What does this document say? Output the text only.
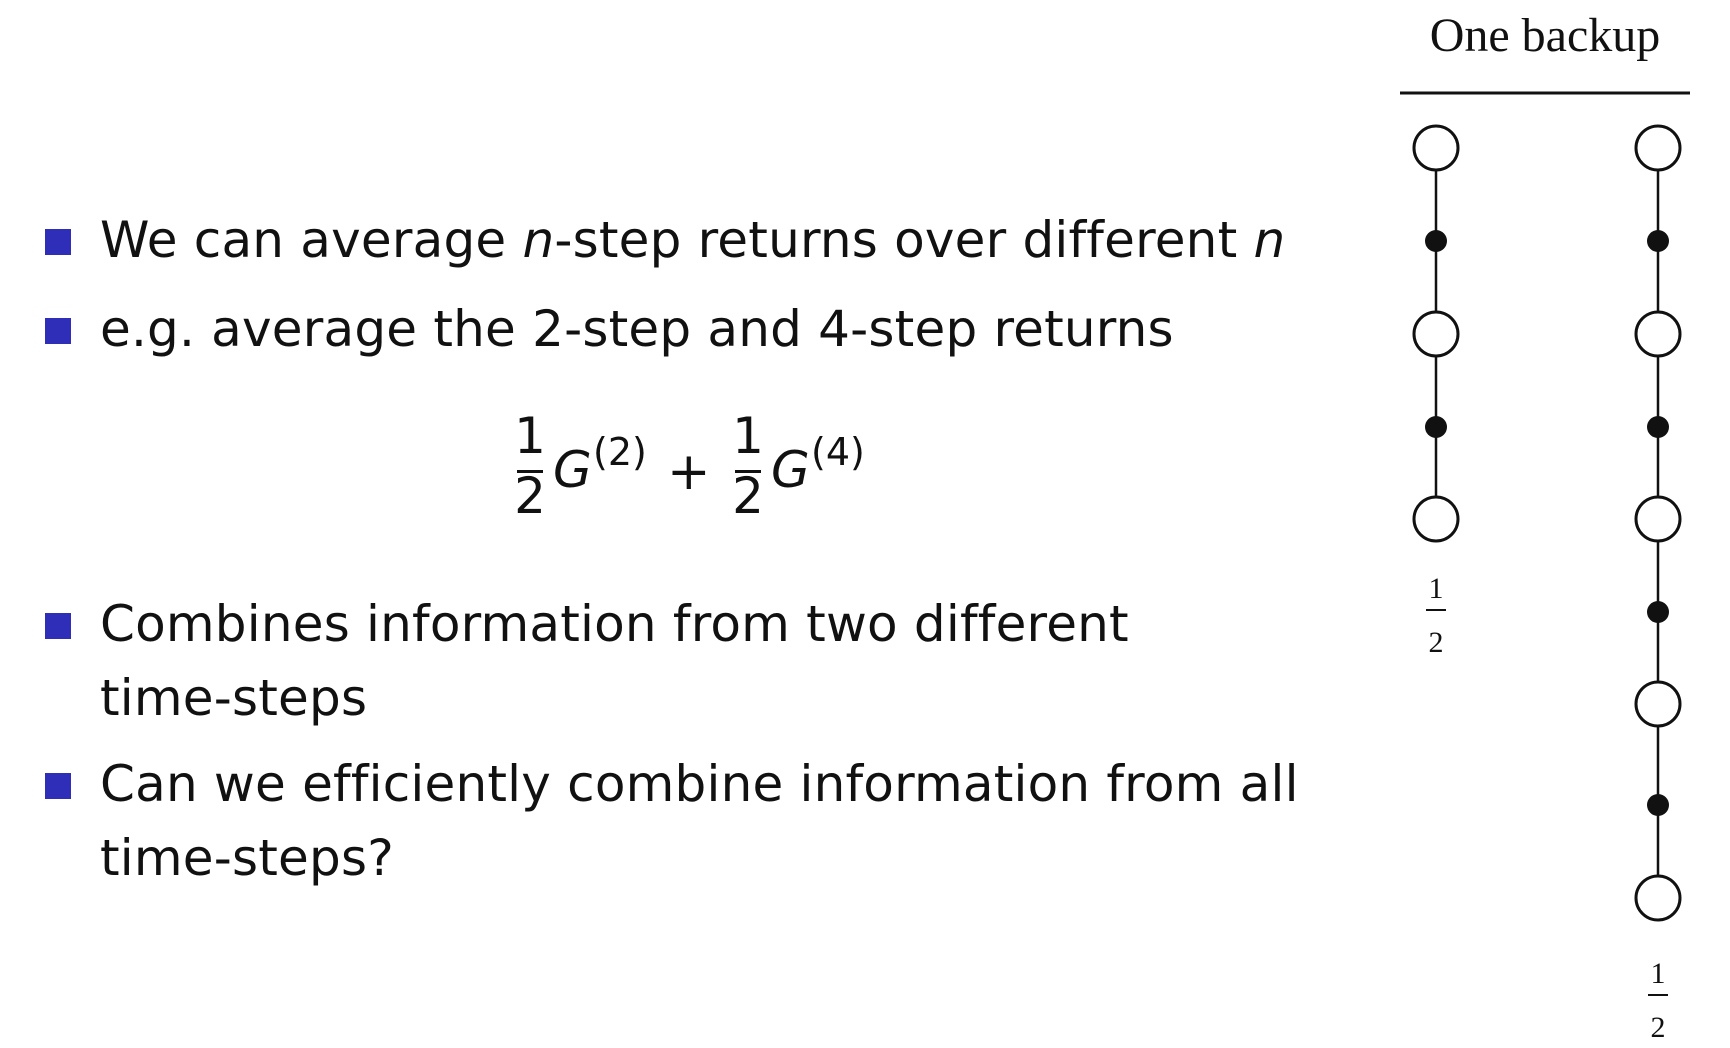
We can average n-step returns over different n
e.g. average the 2-step and 4-step returns
Combines information from two different
time-steps
Can we efficiently combine information from all
time-steps?
1
2 G (2) +
1
2 G (4)
One backup
1
2
1
2
